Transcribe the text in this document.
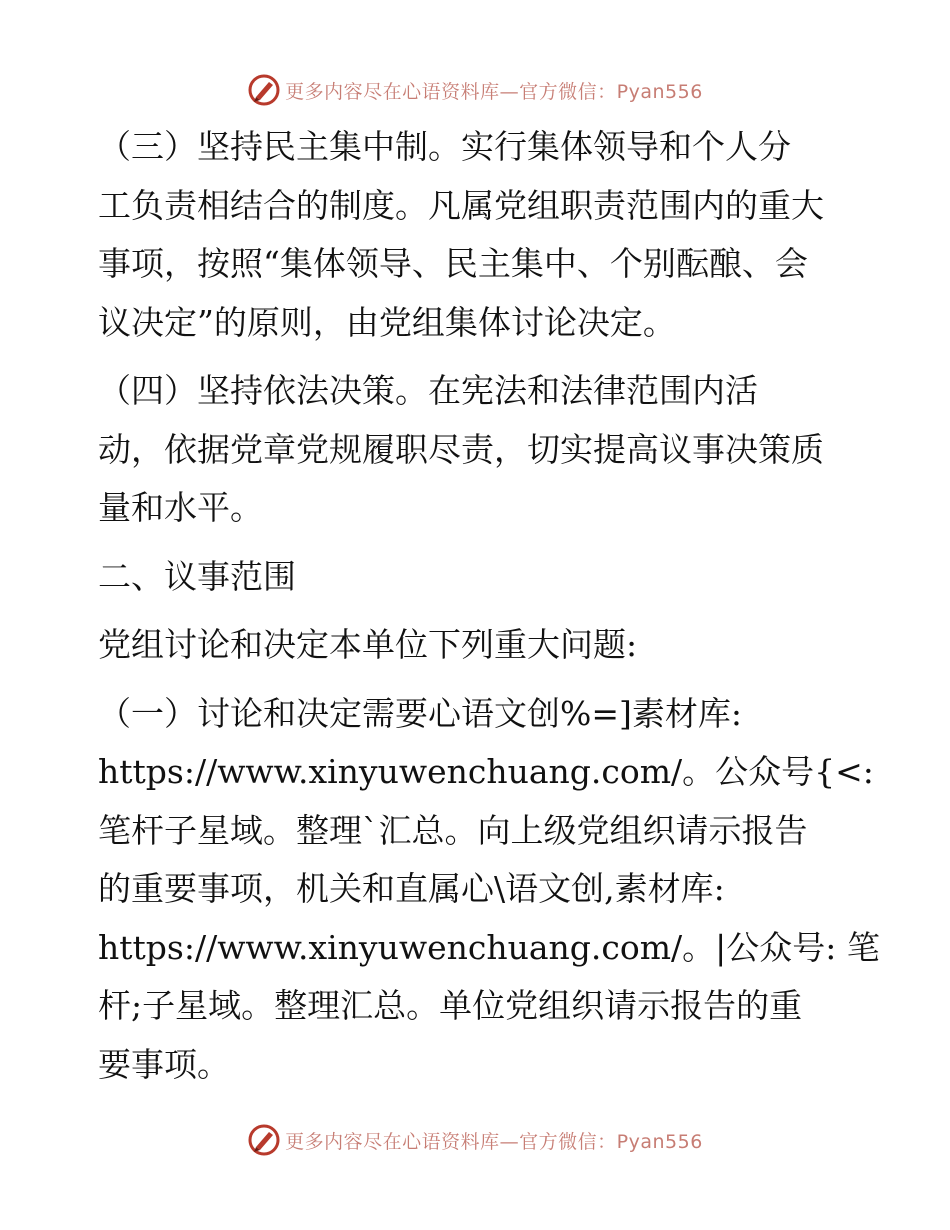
更多内容尽在心语资料库—官方微信：Pyan556

（三）坚持民主集中制。实行集体领导和个人分
工负责相结合的制度。凡属党组职责范围内的重大
事项，按照“集体领导、民主集中、个别酝酿、会
议决定”的原则，由党组集体讨论决定。

（四）坚持依法决策。在宪法和法律范围内活
动，依据党章党规履职尽责，切实提高议事决策质
量和水平。

二、议事范围

党组讨论和决定本单位下列重大问题:

（一）讨论和决定需要心语文创%=]素材库:
https://www.xinyuwenchuang.com/。公众号{<:
笔杆子星域。整理`汇总。向上级党组织请示报告
的重要事项，机关和直属心\语文创,素材库:
https://www.xinyuwenchuang.com/。|公众号: 笔
杆;子星域。整理汇总。单位党组织请示报告的重
要事项。

更多内容尽在心语资料库—官方微信：Pyan556
